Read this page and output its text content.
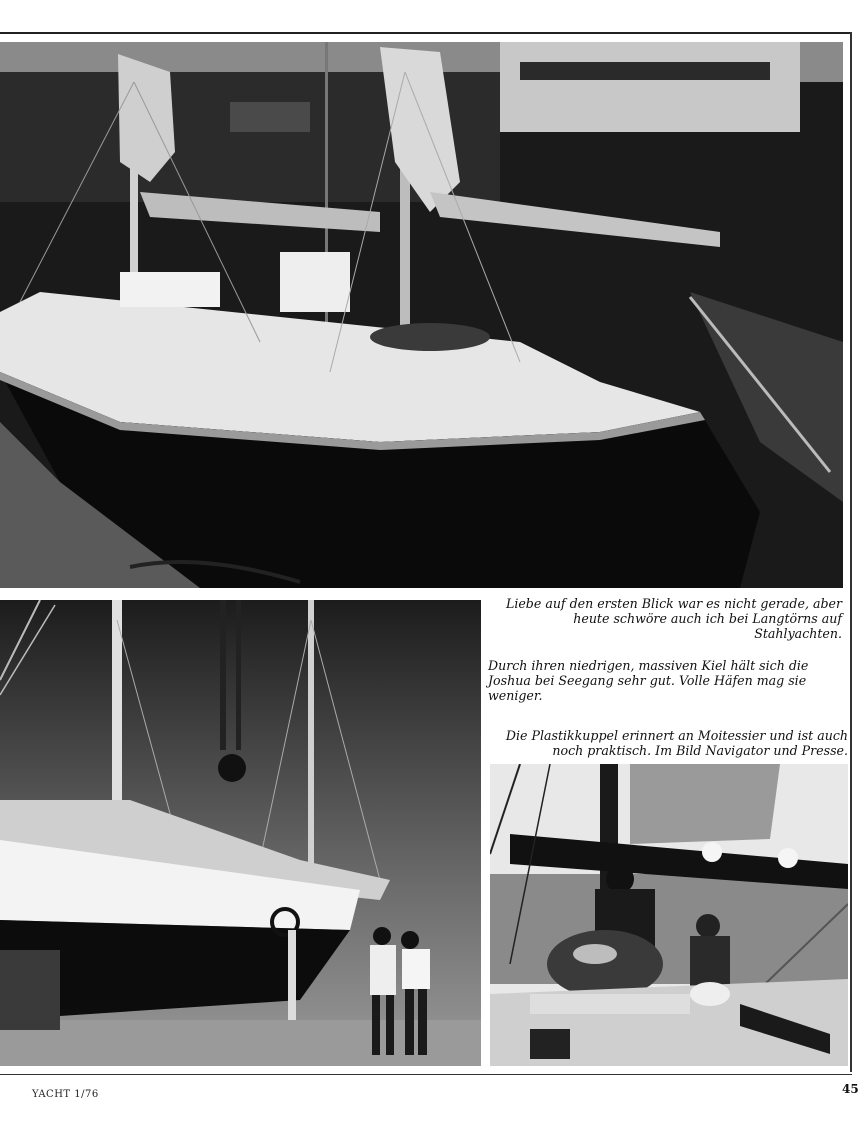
Liebe auf den ersten Blick war es nicht gerade, aber heute schwöre auch ich bei Langtörns auf Stahlyachten.

Durch ihren niedrigen, massiven Kiel hält sich die Joshua bei Seegang sehr gut. Volle Häfen mag sie weniger.

Die Plastikkuppel erinnert an Moitessier und ist auch noch praktisch. Im Bild Navigator und Presse.

YACHT 1/76	45
